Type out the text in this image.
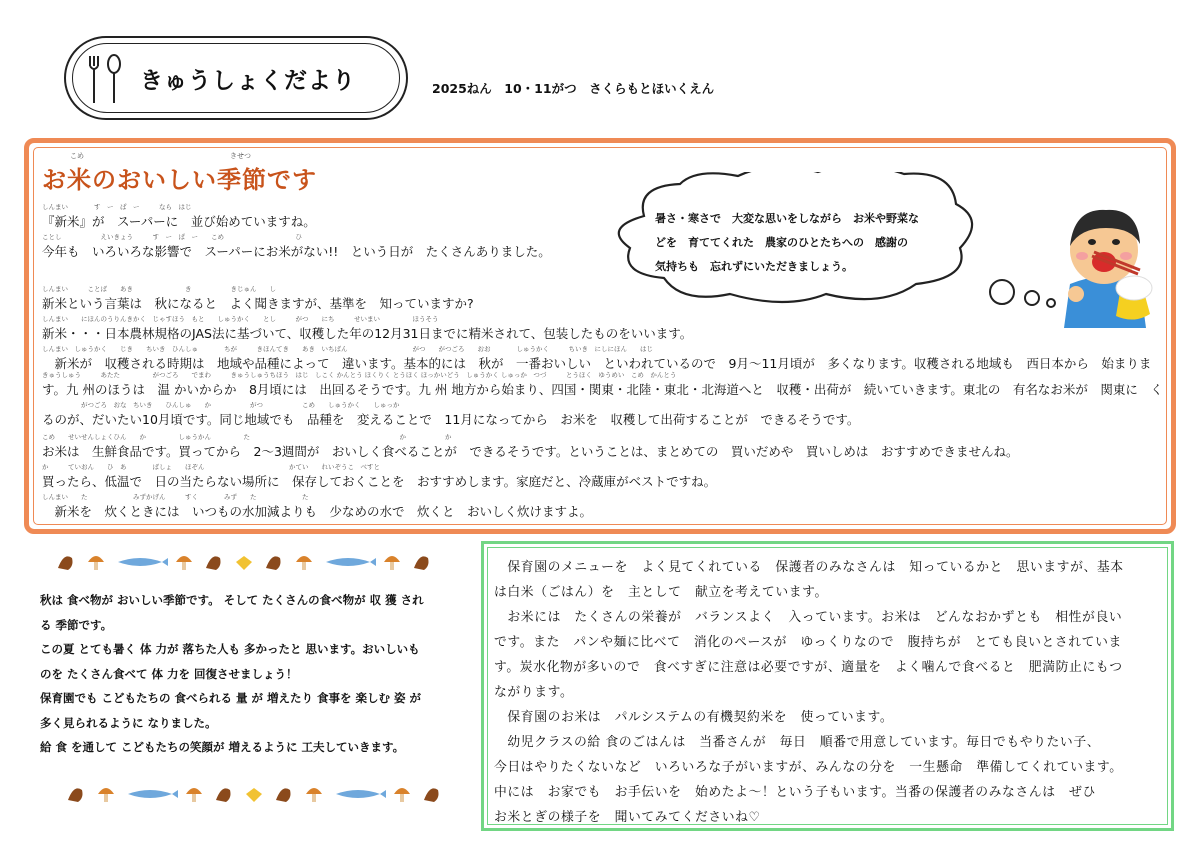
きゅうしょくだより	2025ねん　10・11がつ　さくらもとほいくえん
こめ	きせつ
お米のおいしい季節です
しんまい　　　　す　ー　ぱ　ー　　　なら　はじ
『新米』が　スーパーに　並び始めていますね。
ことし　　　　　　えいきょう　　　す　ー　ぱ　ー　　こめ　　　　　　　　　　　ひ
今年も　いろいろな影響で　スーパーにお米がない!!　という日が　たくさんありました。
しんまい　　　ことば　　あき　　　　　　　　き　　　　　　きじゅん　　し
新米という言葉は　秋になると　よく聞きますが、基準を　知っていますか?
しんまい　　にほんのうりんきかく　じゃすほう　もと　　しゅうかく　　とし　　　がつ　　にち　　　せいまい　　　　　ほうそう
新米・・・日本農林規格のJAS法に基づいて、収穫した年の12月31日までに精米されて、包装したものをいいます。
しんまい　しゅうかく　　じき　　ちいき　ひんしゅ　　　　ちが　　　きほんてき　　あき　いちばん　　　　　　　　　　がつ　　がつごろ　　おお　　　　しゅうかく　　　ちいき　にしにほん　　はじ
　新米が　収穫される時期は　地域や品種によって　違います。基本的には　秋が　一番おいしい　といわれているので　9月～11月頃が　多くなります。収穫される地域も　西日本から　始まりま
きゅうしゅう　　　あたた　　　　　がつごろ　　でまわ　　　きゅうしゅうちほう　はじ　しこく かんとう ほくりく とうほく ほっかいどう　しゅうかく しゅっか　つづ　　　とうほく　ゆうめい　こめ　かんとう
す。九 州のほうは　温 かいからか　8月頃には　出回るそうです。九 州 地方から始まり、四国・関東・北陸・東北・北海道へと　収穫・出荷が　続いていきます。東北の　有名なお米が　関東に　く
　　　　　　がつごろ　おな　ちいき　　ひんしゅ　　か　　　　　　がつ　　　　　　こめ　　しゅうかく　　しゅっか
るのが、だいたい10月頃です。同じ地域でも　品種を　変えることで　11月になってから　お米を　収穫して出荷することが　できるそうです。
こめ　　せいせんしょくひん　　か　　　　　しゅうかん　　　　　た　　　　　　　　　　　　　　　　　　　　　　　か　　　　　　か
お米は　生鮮食品です。買ってから　2～3週間が　おいしく食べることが　できるそうです。ということは、まとめての　買いだめや　買いしめは　おすすめできませんね。
か　　　ていおん　　ひ　あ　　　　ばしょ　　ほぞん　　　　　　　　　　　　　かてい　　れいぞうこ　べすと
買ったら、低温で　日の当たらない場所に　保存しておくことを　おすすめします。家庭だと、冷蔵庫がベストですね。
しんまい　　た　　　　　　　みずかげん　　　すく　　　　みず　　た　　　　　　　た
　新米を　炊くときには　いつもの水加減よりも　少なめの水で　炊くと　おいしく炊けますよ。
暑さ・寒さで　大変な思いをしながら　お米や野菜な
どを　育ててくれた　農家のひとたちへの　感謝の
気持ちも　忘れずにいただきましょう。
秋は 食べ物が おいしい季節です。 そして たくさんの食べ物が 収 獲 され
る 季節です。
この夏 とても暑く 体 力が 落ちた人も 多かったと 思います。おいしいも
のを たくさん食べて 体 力を 回復させましょう！
保育園でも こどもたちの 食べられる 量 が 増えたり 食事を 楽しむ 姿 が
多く見られるように なりました。
給 食 を通して こどもたちの笑顔が 増えるように 工夫していきます。
　保育園のメニューを　よく見てくれている　保護者のみなさんは　知っているかと　思いますが、基本
は白米（ごはん）を　主として　献立を考えています。
　お米には　たくさんの栄養が　バランスよく　入っています。お米は　どんなおかずとも　相性が良い
です。また　パンや麺に比べて　消化のペースが　ゆっくりなので　腹持ちが　とても良いとされていま
す。炭水化物が多いので　食べすぎに注意は必要ですが、適量を　よく噛んで食べると　肥満防止にもつ
ながります。
　保育園のお米は　パルシステムの有機契約米を　使っています。
　幼児クラスの給 食のごはんは　当番さんが　毎日　順番で用意しています。毎日でもやりたい子、
今日はやりたくないなど　いろいろな子がいますが、みんなの分を　一生懸命　準備してくれています。
中には　お家でも　お手伝いを　始めたよ～！という子もいます。当番の保護者のみなさんは　ぜひ
お米とぎの様子を　聞いてみてくださいね♡
